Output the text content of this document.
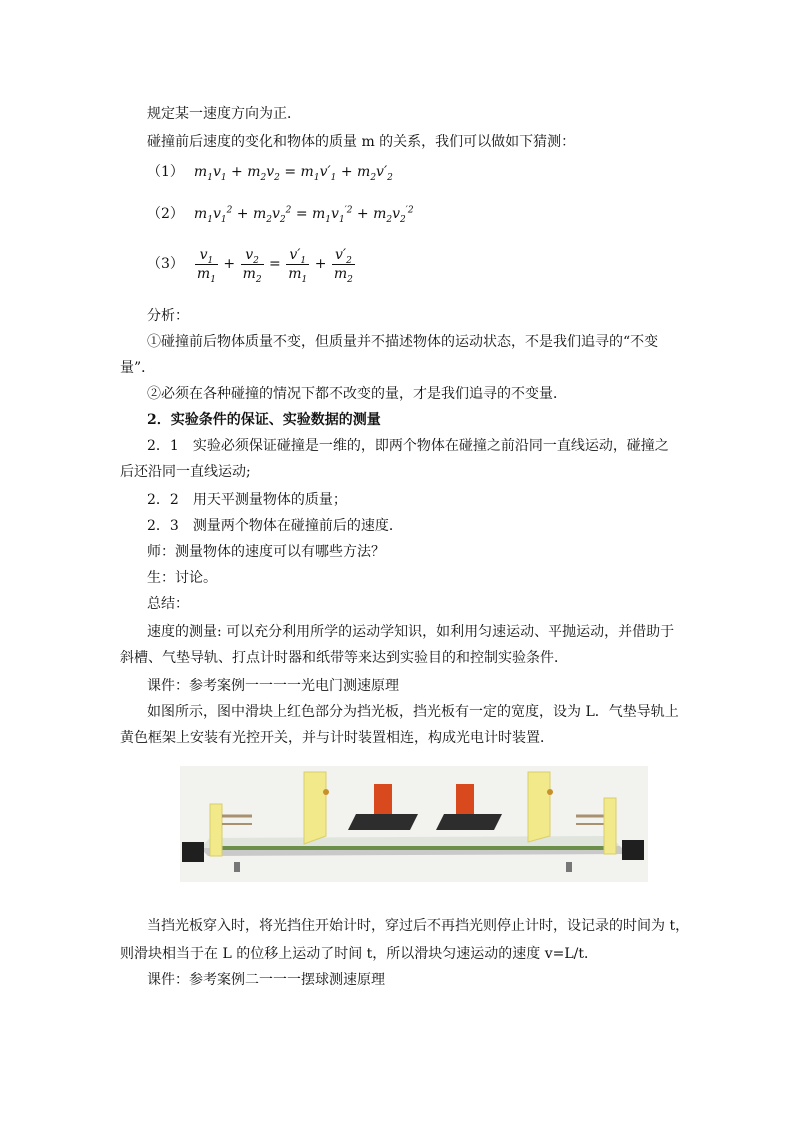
规定某一速度方向为正．
碰撞前后速度的变化和物体的质量 m 的关系，我们可以做如下猜测：
（1） $m_1v_1 + m_2v_2 = m_1v'_1 + m_2v'_2$
（2） $m_1v_1^2 + m_2v_2^2 = m_1v_1^{'2} + m_2v_2^{'2}$
$(3) \frac{v_1}{m_1} + \frac{v_2}{m_2} = \frac{v'_1}{m_1} + \frac{v'_2}{m_2}$
分析：
①碰撞前后物体质量不变，但质量并不描述物体的运动状态，不是我们追寻的“不变
量”．
②必须在各种碰撞的情况下都不改变的量，才是我们追寻的不变量．
2．实验条件的保证、实验数据的测量
2．1　实验必须保证碰撞是一维的，即两个物体在碰撞之前沿同一直线运动，碰撞之
后还沿同一直线运动;
2．2　用天平测量物体的质量；
2．3　测量两个物体在碰撞前后的速度．
师：测量物体的速度可以有哪些方法？
生：讨论。
总结：
速度的测量: 可以充分利用所学的运动学知识，如利用匀速运动、平抛运动，并借助于
斜槽、气垫导轨、打点计时器和纸带等来达到实验目的和控制实验条件．
课件：参考案例一一一一光电门测速原理
如图所示，图中滑块上红色部分为挡光板，挡光板有一定的宽度，设为 L．气垫导轨上
黄色框架上安装有光控开关，并与计时装置相连，构成光电计时装置．
当挡光板穿入时，将光挡住开始计时，穿过后不再挡光则停止计时，设记录的时间为 t，
则滑块相当于在 L 的位移上运动了时间 t，所以滑块匀速运动的速度 v=L/t．
课件：参考案例二一一一摆球测速原理
